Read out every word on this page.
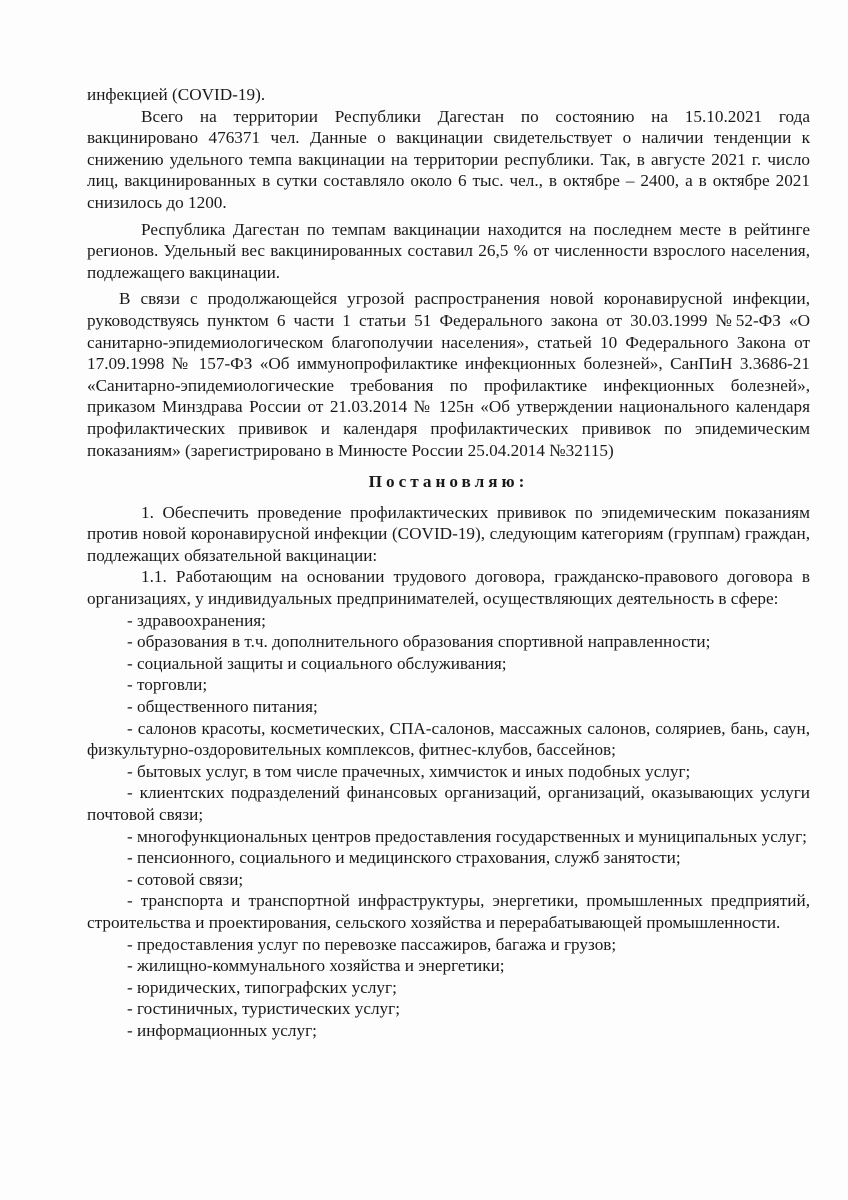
инфекцией (COVID-19).

Всего на территории Республики Дагестан по состоянию на 15.10.2021 года вакцинировано 476371 чел. Данные о вакцинации свидетельствует о наличии тенденции к снижению удельного темпа вакцинации на территории республики. Так, в августе 2021 г. число лиц, вакцинированных в сутки составляло около 6 тыс. чел., в октябре – 2400, а в октябре 2021 снизилось до 1200.

Республика Дагестан по темпам вакцинации находится на последнем месте в рейтинге регионов. Удельный вес вакцинированных составил 26,5 % от численности взрослого населения, подлежащего вакцинации.

В связи с продолжающейся угрозой распространения новой коронавирусной инфекции, руководствуясь пунктом 6 части 1 статьи 51 Федерального закона от 30.03.1999 №52-ФЗ «О санитарно-эпидемиологическом благополучии населения», статьей 10 Федерального Закона от 17.09.1998 № 157-ФЗ «Об иммунопрофилактике инфекционных болезней», СанПиН 3.3686-21 «Санитарно-эпидемиологические требования по профилактике инфекционных болезней», приказом Минздрава России от 21.03.2014 № 125н «Об утверждении национального календаря профилактических прививок и календаря профилактических прививок по эпидемическим показаниям» (зарегистрировано в Минюсте России 25.04.2014 №32115)

Постановляю:

1. Обеспечить проведение профилактических прививок по эпидемическим показаниям против новой коронавирусной инфекции (COVID-19), следующим категориям (группам) граждан, подлежащих обязательной вакцинации:

1.1. Работающим на основании трудового договора, гражданско-правового договора в организациях, у индивидуальных предпринимателей, осуществляющих деятельность в сфере:

- здравоохранения;

- образования в т.ч. дополнительного образования спортивной направленности;

- социальной защиты и социального обслуживания;

- торговли;

- общественного питания;

- салонов красоты, косметических, СПА-салонов, массажных салонов, соляриев, бань, саун, физкультурно-оздоровительных комплексов, фитнес-клубов, бассейнов;

- бытовых услуг, в том числе прачечных, химчисток и иных подобных услуг;

- клиентских подразделений финансовых организаций, организаций, оказывающих услуги почтовой связи;

- многофункциональных центров предоставления государственных и муниципальных услуг;

- пенсионного, социального и медицинского страхования, служб занятости;

- сотовой связи;

- транспорта и транспортной инфраструктуры, энергетики, промышленных предприятий, строительства и проектирования, сельского хозяйства и перерабатывающей промышленности.

- предоставления услуг по перевозке пассажиров, багажа и грузов;

- жилищно-коммунального хозяйства и энергетики;

- юридических, типографских услуг;

- гостиничных, туристических услуг;

- информационных услуг;
